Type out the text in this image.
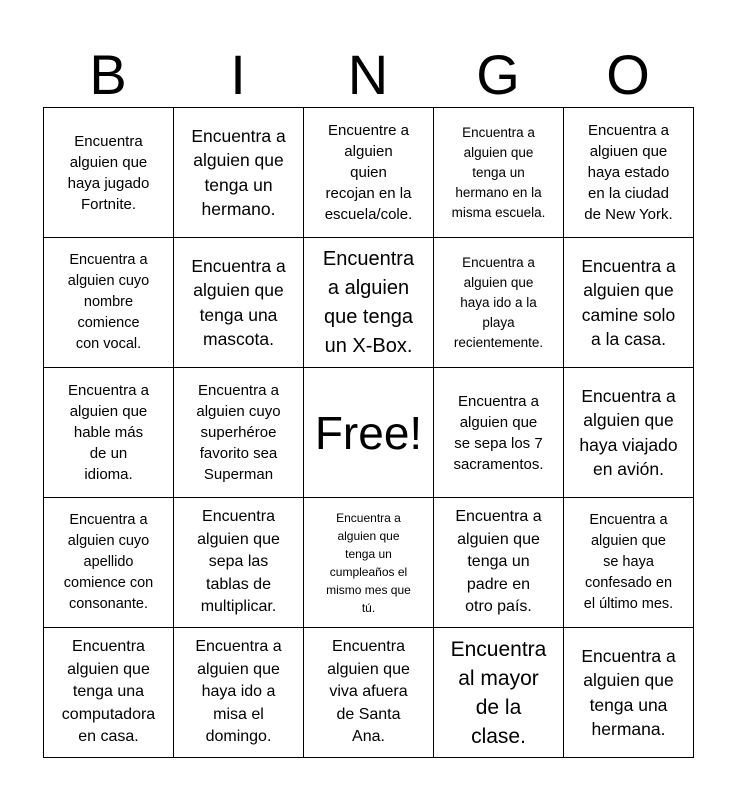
B	I	N	G	O
Encuentra
alguien que
haya jugado
Fortnite.
Encuentra a
alguien que
tenga un
hermano.
Encuentre a
alguien
quien
recojan en la
escuela/cole.
Encuentra a
alguien que
tenga un
hermano en la
misma escuela.
Encuentra a
algiuen que
haya estado
en la ciudad
de New York.
Encuentra a
alguien cuyo
nombre
comience
con vocal.
Encuentra a
alguien que
tenga una
mascota.
Encuentra
a alguien
que tenga
un X-Box.
Encuentra a
alguien que
haya ido a la
playa
recientemente.
Encuentra a
alguien que
camine solo
a la casa.
Encuentra a
alguien que
hable más
de un
idioma.
Encuentra a
alguien cuyo
superhéroe
favorito sea
Superman
Free!
Encuentra a
alguien que
se sepa los 7
sacramentos.
Encuentra a
alguien que
haya viajado
en avión.
Encuentra a
alguien cuyo
apellido
comience con
consonante.
Encuentra
alguien que
sepa las
tablas de
multiplicar.
Encuentra a
alguien que
tenga un
cumpleaños el
mismo mes que
tú.
Encuentra a
alguien que
tenga un
padre en
otro país.
Encuentra a
alguien que
se haya
confesado en
el último mes.
Encuentra
alguien que
tenga una
computadora
en casa.
Encuentra a
alguien que
haya ido a
misa el
domingo.
Encuentra
alguien que
viva afuera
de Santa
Ana.
Encuentra
al mayor
de la
clase.
Encuentra a
alguien que
tenga una
hermana.
